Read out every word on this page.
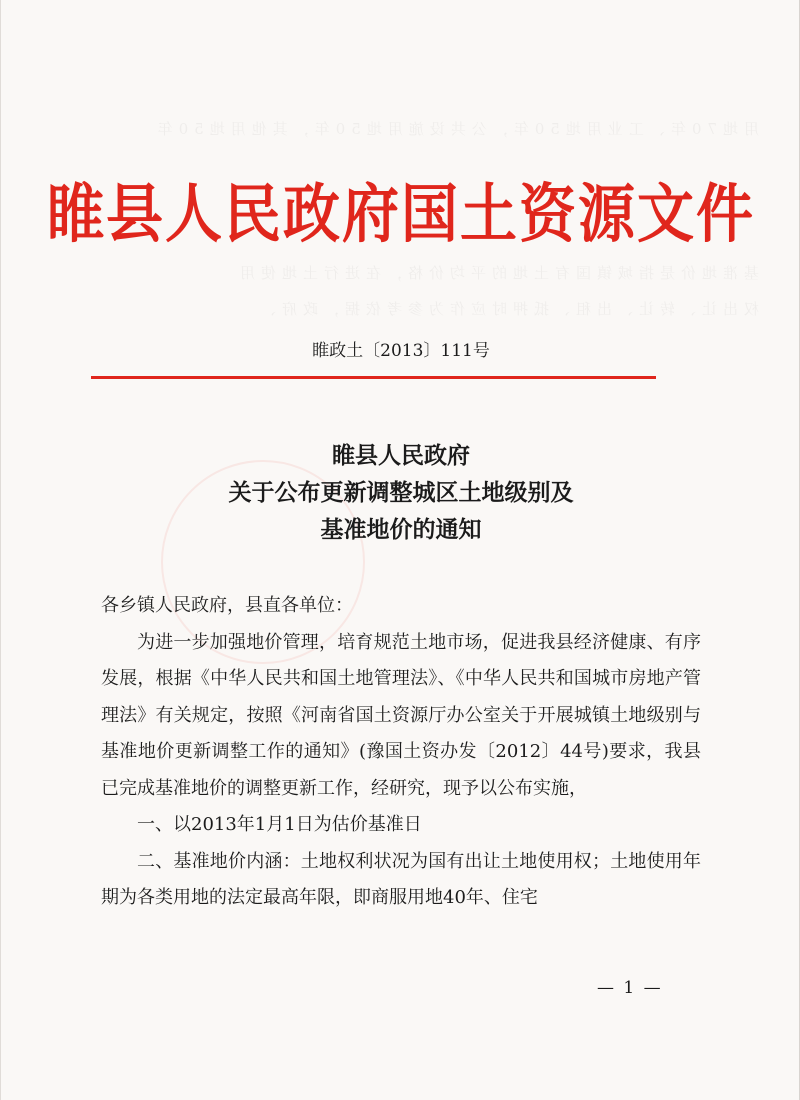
用地70年、工业用地50年，公共设施用地50年，其他用地50年
基准地价是指城镇国有土地的平均价格，在进行土地使用
权出让、转让、出租、抵押时应作为参考依据，政府、
睢县人民政府国土资源文件
睢政土〔2013〕111号
睢县人民政府
关于公布更新调整城区土地级别及
基准地价的通知

各乡镇人民政府，县直各单位：

为进一步加强地价管理，培育规范土地市场，促进我县经济健康、有序发展，根据《中华人民共和国土地管理法》、《中华人民共和国城市房地产管理法》有关规定，按照《河南省国土资源厅办公室关于开展城镇土地级别与基准地价更新调整工作的通知》(豫国土资办发〔2012〕44号)要求，我县已完成基准地价的调整更新工作，经研究，现予以公布实施，

一、以2013年1月1日为估价基准日

二、基准地价内涵：土地权利状况为国有出让土地使用权；土地使用年期为各类用地的法定最高年限，即商服用地40年、住宅

— 1 —
